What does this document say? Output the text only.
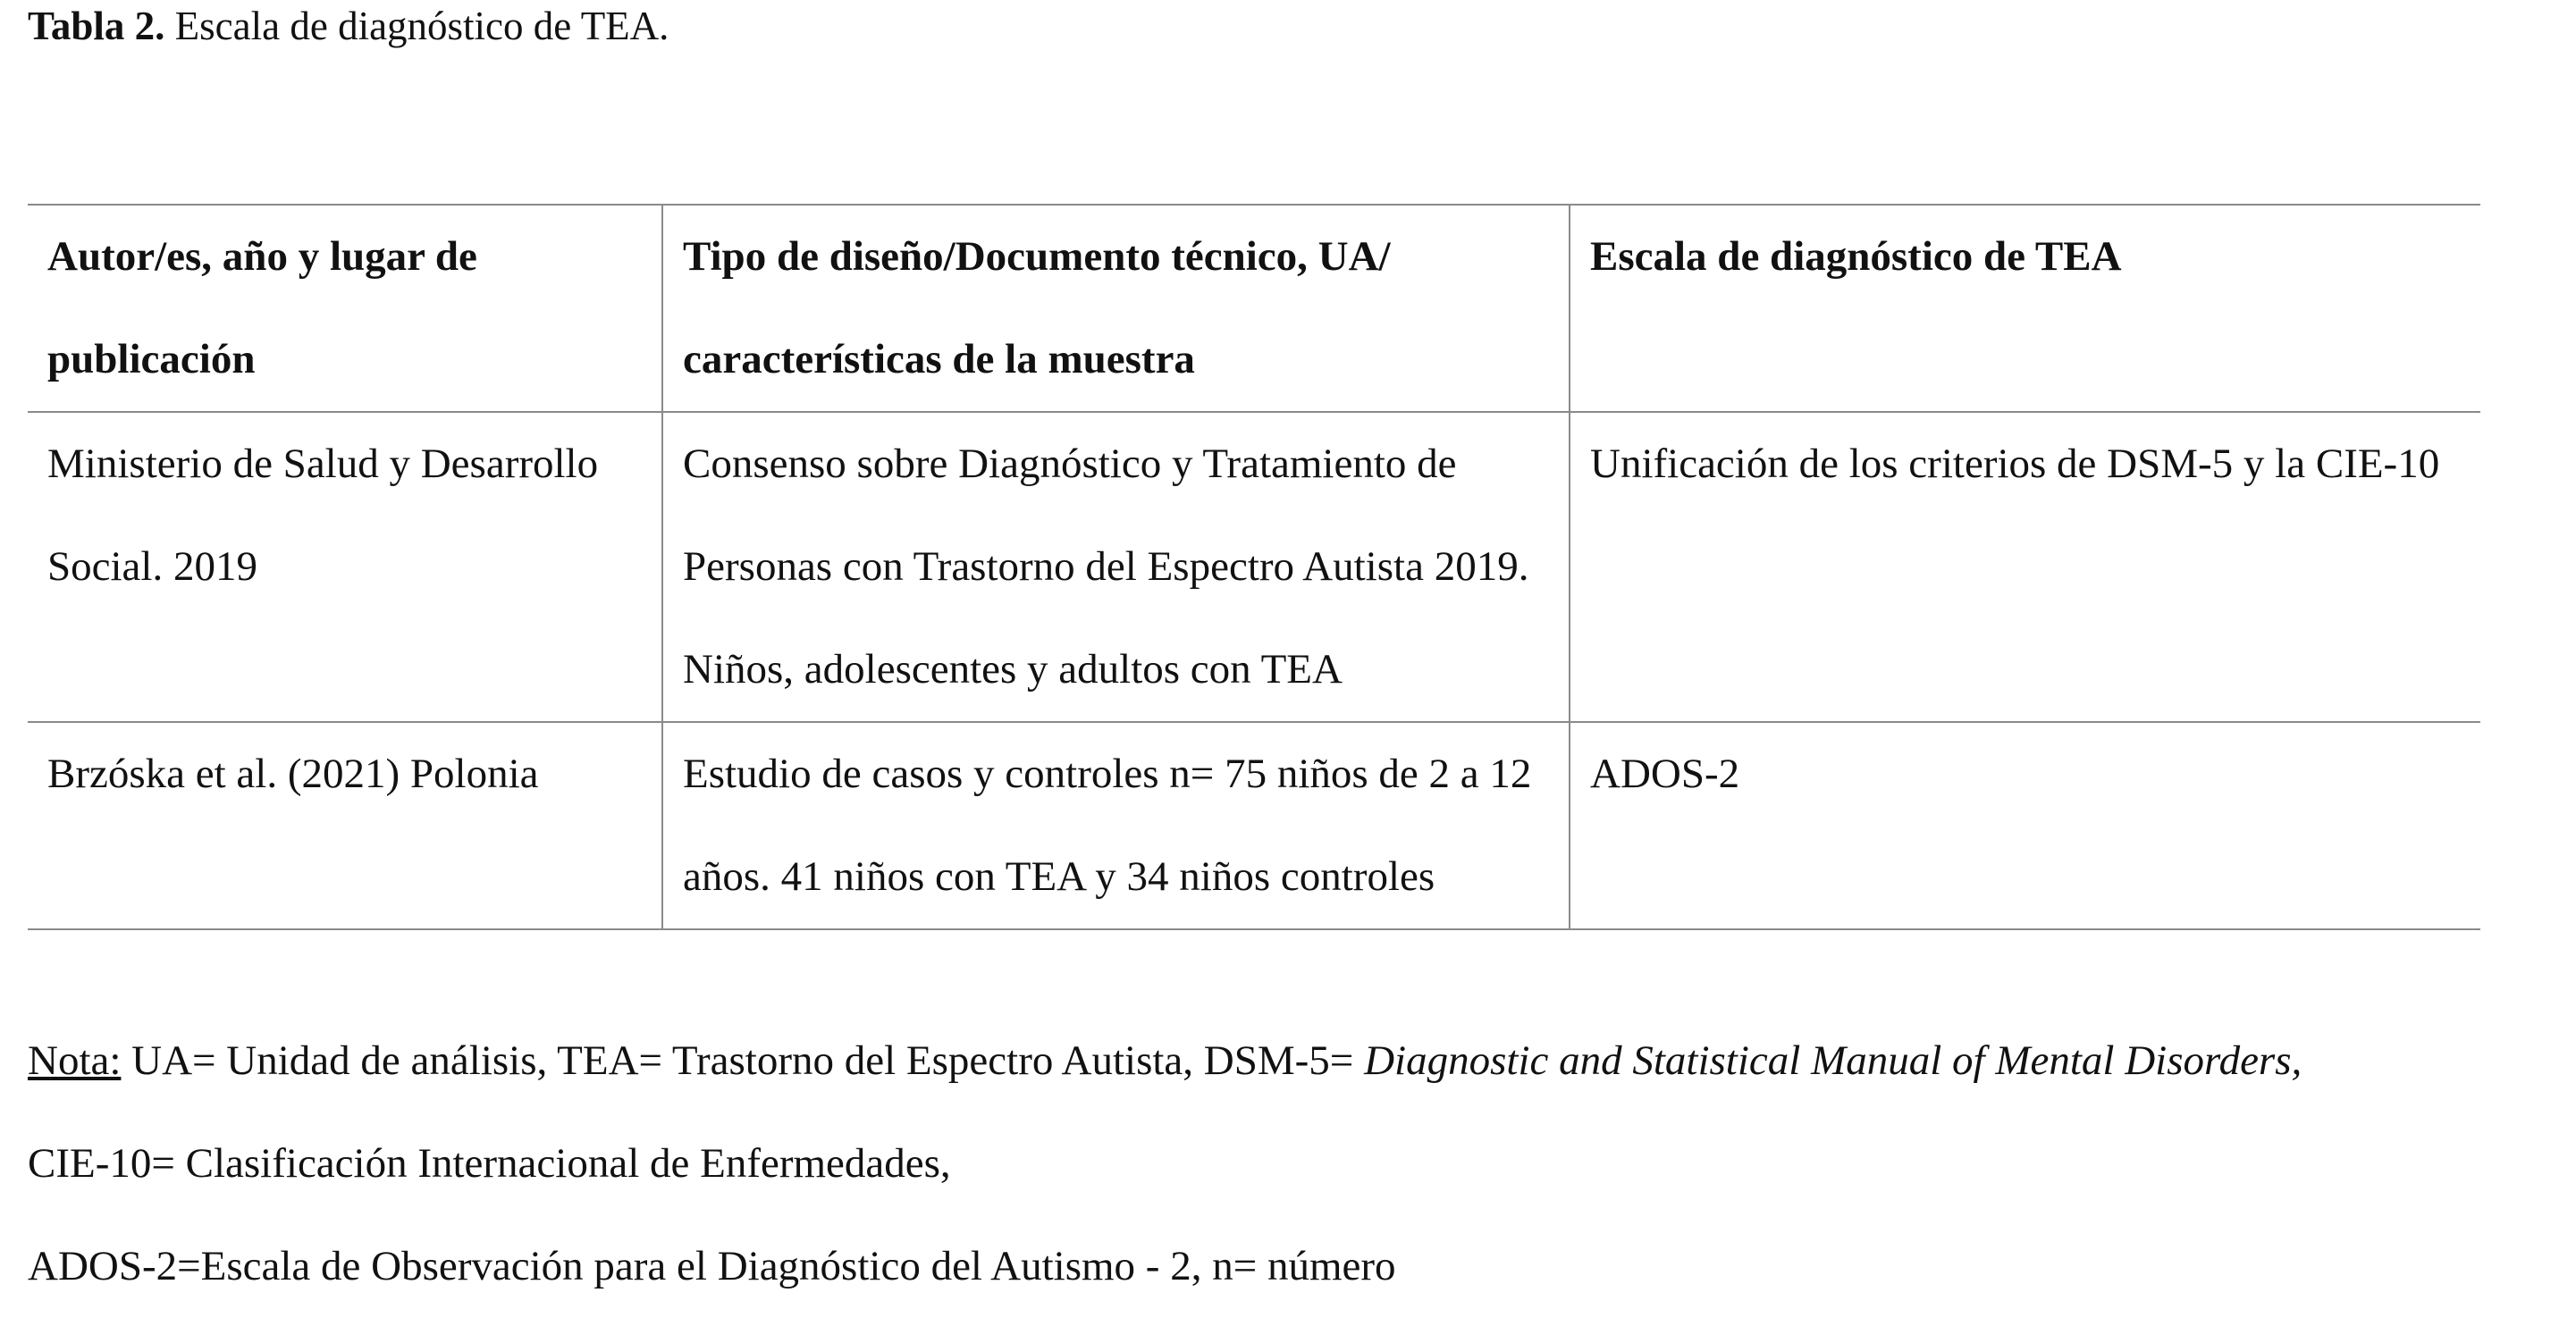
Tabla 2. Escala de diagnóstico de TEA.
Autor/es, año y lugar de publicación	Tipo de diseño/Documento técnico, UA/ características de la muestra	Escala de diagnóstico de TEA
Ministerio de Salud y Desarrollo Social. 2019	Consenso sobre Diagnóstico y Tratamiento de Personas con Trastorno del Espectro Autista 2019. Niños, adolescentes y adultos con TEA	Unificación de los criterios de DSM-5 y la CIE-10
Brzóska et al. (2021) Polonia	Estudio de casos y controles n= 75 niños de 2 a 12 años. 41 niños con TEA y 34 niños controles	ADOS-2
Nota: UA= Unidad de análisis, TEA= Trastorno del Espectro Autista, DSM-5= Diagnostic and Statistical Manual of Mental Disorders,
CIE-10= Clasificación Internacional de Enfermedades,
ADOS-2=Escala de Observación para el Diagnóstico del Autismo - 2, n= número
